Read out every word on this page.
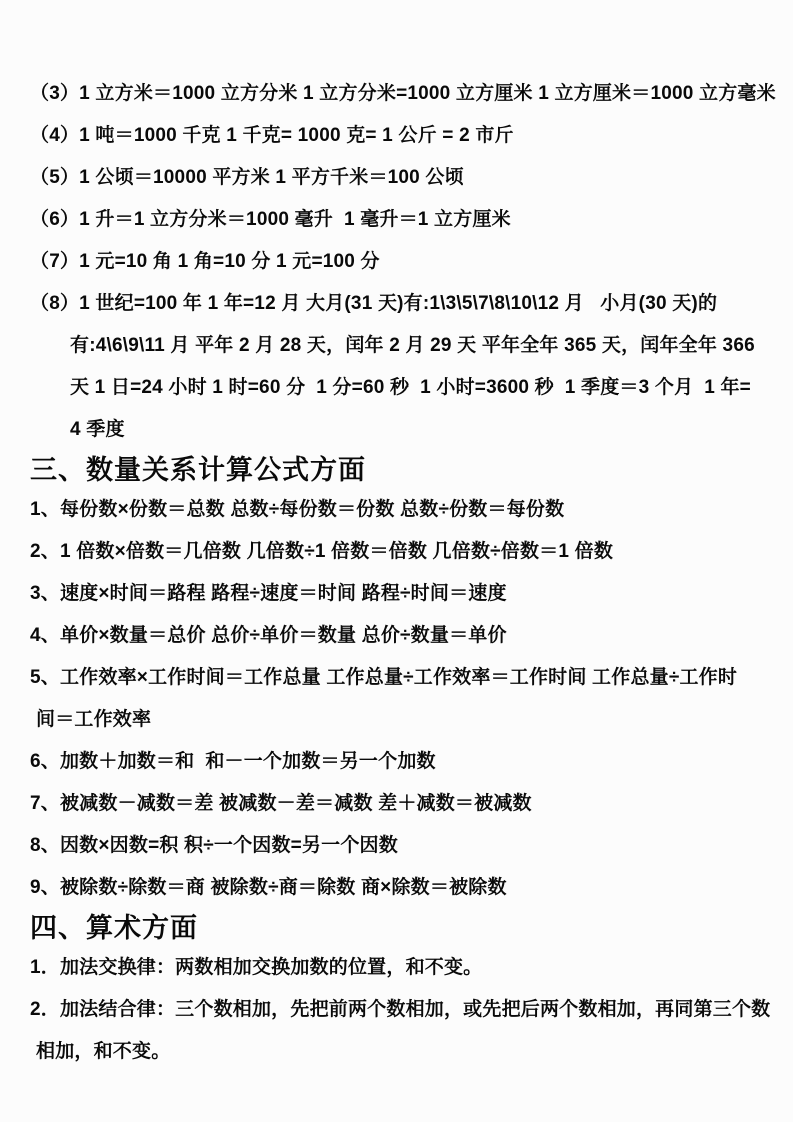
（3）1 立方米＝1000 立方分米 1 立方分米=1000 立方厘米 1 立方厘米＝1000 立方毫米
（4）1 吨＝1000 千克 1 千克= 1000 克= 1 公斤 = 2 市斤
（5）1 公顷＝10000 平方米 1 平方千米＝100 公顷
（6）1 升＝1 立方分米＝1000 毫升  1 毫升＝1 立方厘米
（7）1 元=10 角 1 角=10 分 1 元=100 分
（8）1 世纪=100 年 1 年=12 月 大月(31 天)有:1\3\5\7\8\10\12 月   小月(30 天)的
有:4\6\9\11 月 平年 2 月 28 天，闰年 2 月 29 天 平年全年 365 天，闰年全年 366
天 1 日=24 小时 1 时=60 分  1 分=60 秒  1 小时=3600 秒  1 季度＝3 个月  1 年=
4 季度
三、数量关系计算公式方面
1、每份数×份数＝总数 总数÷每份数＝份数 总数÷份数＝每份数
2、1 倍数×倍数＝几倍数 几倍数÷1 倍数＝倍数 几倍数÷倍数＝1 倍数
3、速度×时间＝路程 路程÷速度＝时间 路程÷时间＝速度
4、单价×数量＝总价 总价÷单价＝数量 总价÷数量＝单价
5、工作效率×工作时间＝工作总量 工作总量÷工作效率＝工作时间 工作总量÷工作时
间＝工作效率
6、加数＋加数＝和  和－一个加数＝另一个加数
7、被减数－减数＝差 被减数－差＝减数 差＋减数＝被减数
8、因数×因数=积 积÷一个因数=另一个因数
9、被除数÷除数＝商 被除数÷商＝除数 商×除数＝被除数
四、算术方面
1．加法交换律：两数相加交换加数的位置，和不变。
2．加法结合律：三个数相加，先把前两个数相加，或先把后两个数相加，再同第三个数
相加，和不变。
